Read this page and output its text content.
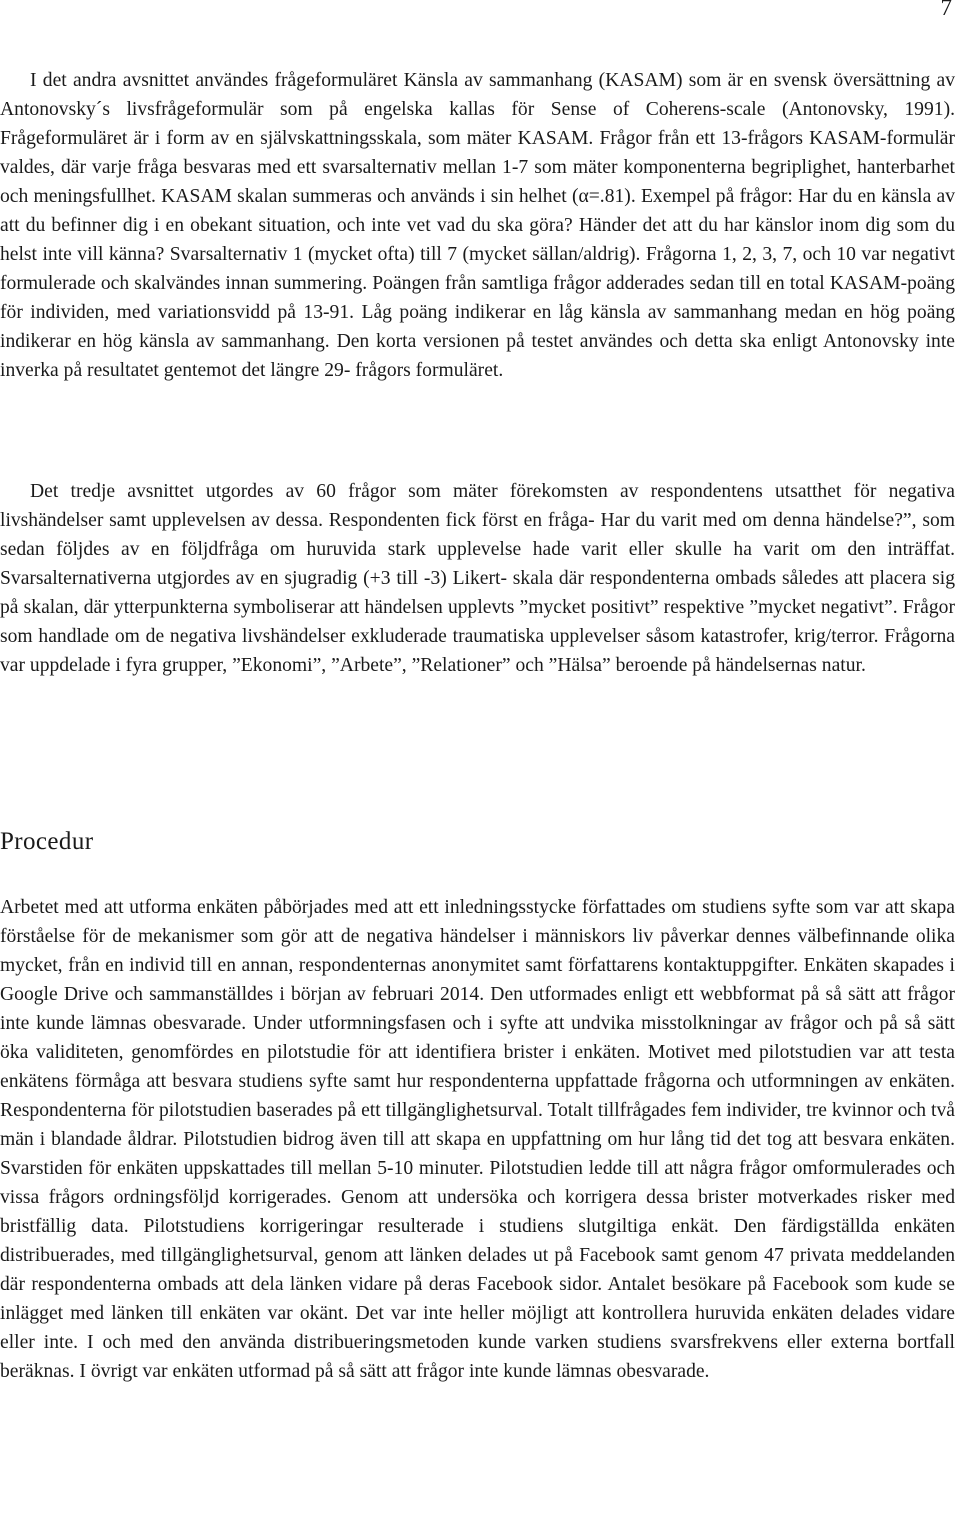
7

I det andra avsnittet användes frågeformuläret Känsla av sammanhang (KASAM) som är en svensk översättning av Antonovsky´s livsfrågeformulär som på engelska kallas för Sense of Coherens-scale (Antonovsky, 1991). Frågeformuläret är i form av en självskattningsskala, som mäter KASAM. Frågor från ett 13-frågors KASAM-formulär valdes, där varje fråga besvaras med ett svarsalternativ mellan 1-7 som mäter komponenterna begriplighet, hanterbarhet och meningsfullhet. KASAM skalan summeras och används i sin helhet (α=.81). Exempel på frågor: Har du en känsla av att du befinner dig i en obekant situation, och inte vet vad du ska göra? Händer det att du har känslor inom dig som du helst inte vill känna? Svarsalternativ 1 (mycket ofta) till 7 (mycket sällan/aldrig). Frågorna 1, 2, 3, 7, och 10 var negativt formulerade och skalvändes innan summering. Poängen från samtliga frågor adderades sedan till en total KASAM-poäng för individen, med variationsvidd på 13-91. Låg poäng indikerar en låg känsla av sammanhang medan en hög poäng indikerar en hög känsla av sammanhang. Den korta versionen på testet användes och detta ska enligt Antonovsky inte inverka på resultatet gentemot det längre 29- frågors formuläret.

Det tredje avsnittet utgordes av 60 frågor som mäter förekomsten av respondentens utsatthet för negativa livshändelser samt upplevelsen av dessa. Respondenten fick först en fråga- Har du varit med om denna händelse?”, som sedan följdes av en följdfråga om huruvida stark upplevelse hade varit eller skulle ha varit om den inträffat. Svarsalternativerna utgjordes av en sjugradig (+3 till -3) Likert- skala där respondenterna ombads således att placera sig på skalan, där ytterpunkterna symboliserar att händelsen upplevts ”mycket positivt” respektive ”mycket negativt”. Frågor som handlade om de negativa livshändelser exkluderade traumatiska upplevelser såsom katastrofer, krig/terror. Frågorna var uppdelade i fyra grupper, ”Ekonomi”, ”Arbete”, ”Relationer” och ”Hälsa” beroende på händelsernas natur.

Procedur

Arbetet med att utforma enkäten påbörjades med att ett inledningsstycke författades om studiens syfte som var att skapa förståelse för de mekanismer som gör att de negativa händelser i människors liv påverkar dennes välbefinnande olika mycket, från en individ till en annan, respondenternas anonymitet samt författarens kontaktuppgifter. Enkäten skapades i Google Drive och sammanställdes i början av februari 2014. Den utformades enligt ett webbformat på så sätt att frågor inte kunde lämnas obesvarade. Under utformningsfasen och i syfte att undvika misstolkningar av frågor och på så sätt öka validiteten, genomfördes en pilotstudie för att identifiera brister i enkäten. Motivet med pilotstudien var att testa enkätens förmåga att besvara studiens syfte samt hur respondenterna uppfattade frågorna och utformningen av enkäten. Respondenterna för pilotstudien baserades på ett tillgänglighetsurval. Totalt tillfrågades fem individer, tre kvinnor och två män i blandade åldrar. Pilotstudien bidrog även till att skapa en uppfattning om hur lång tid det tog att besvara enkäten. Svarstiden för enkäten uppskattades till mellan 5-10 minuter. Pilotstudien ledde till att några frågor omformulerades och vissa frågors ordningsföljd korrigerades. Genom att undersöka och korrigera dessa brister motverkades risker med bristfällig data. Pilotstudiens korrigeringar resulterade i studiens slutgiltiga enkät. Den färdigställda enkäten distribuerades, med tillgänglighetsurval, genom att länken delades ut på Facebook samt genom 47 privata meddelanden där respondenterna ombads att dela länken vidare på deras Facebook sidor. Antalet besökare på Facebook som kude se inlägget med länken till enkäten var okänt. Det var inte heller möjligt att kontrollera huruvida enkäten delades vidare eller inte. I och med den använda distribueringsmetoden kunde varken studiens svarsfrekvens eller externa bortfall beräknas. I övrigt var enkäten utformad på så sätt att frågor inte kunde lämnas obesvarade.
